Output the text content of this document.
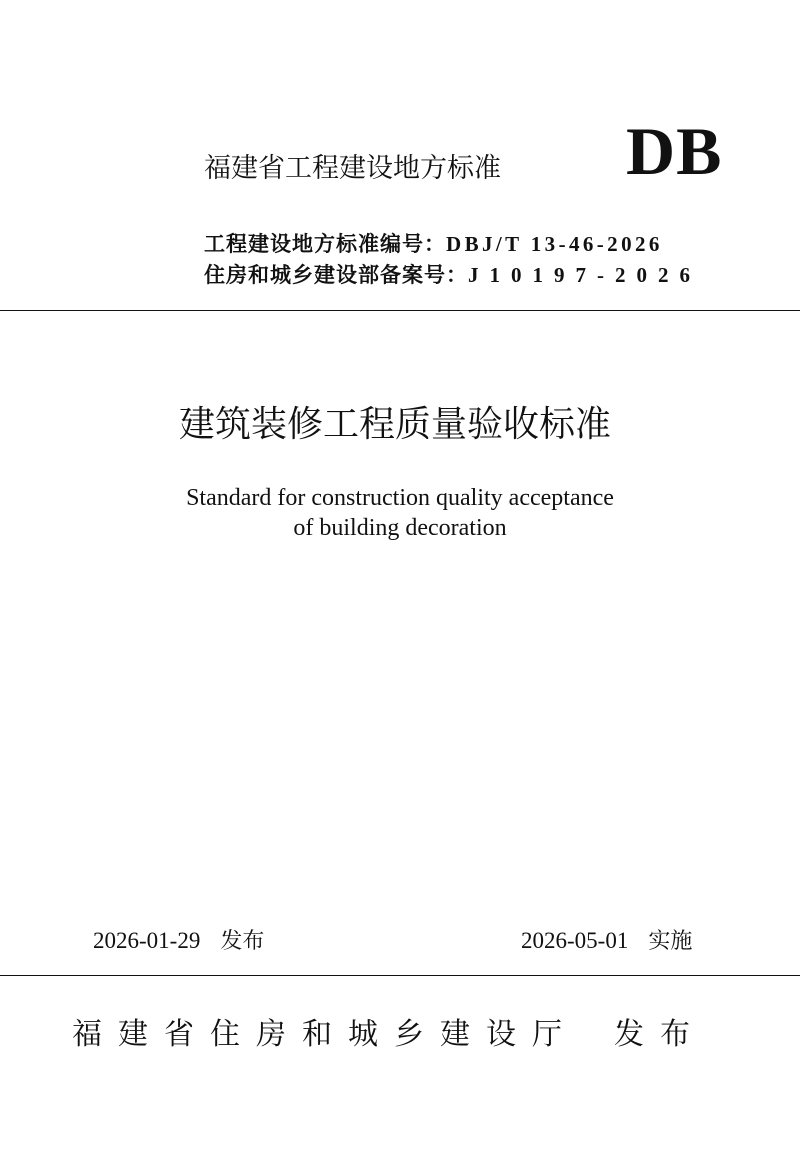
福建省工程建设地方标准 DB
工程建设地方标准编号：DBJ/T 13-46-2026
住房和城乡建设部备案号：J10197-2026
建筑装修工程质量验收标准
Standard for construction quality acceptance
of building decoration
2026-01-29 发布	2026-05-01 实施
福建省住房和城乡建设厅 发布
